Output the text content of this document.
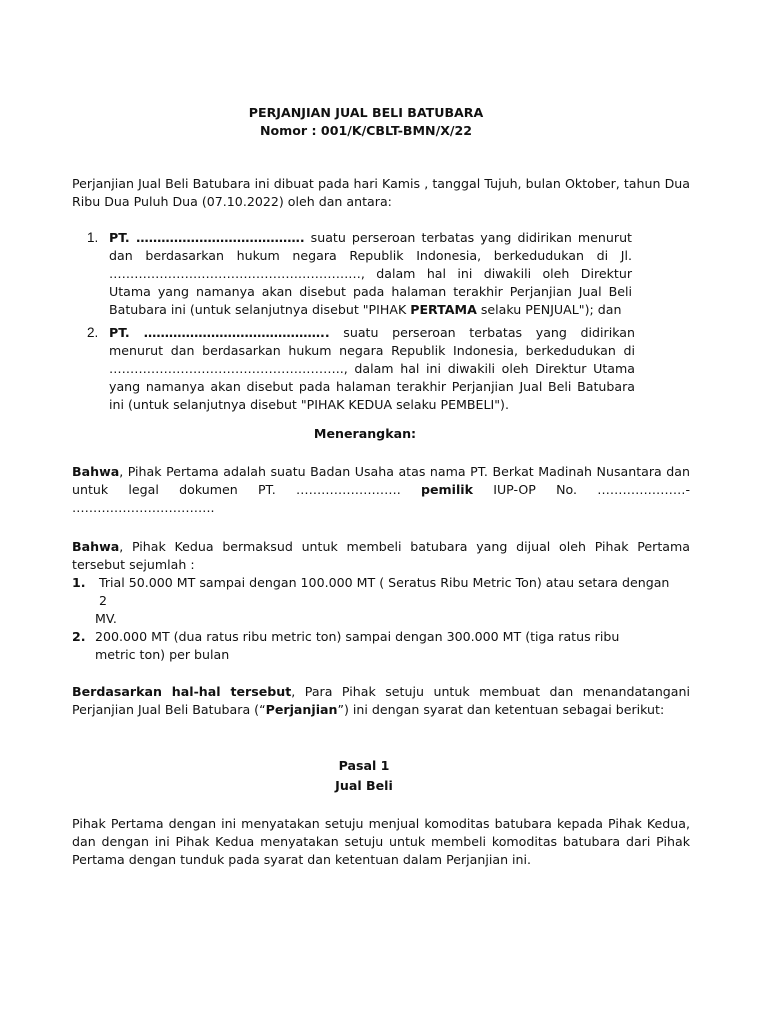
PERJANJIAN JUAL BELI BATUBARA
Nomor : 001/K/CBLT-BMN/X/22

Perjanjian Jual Beli Batubara ini dibuat pada hari Kamis , tanggal Tujuh, bulan Oktober, tahun Dua Ribu Dua Puluh Dua (07.10.2022) oleh dan antara:

1. PT. …………………………………. suatu perseroan terbatas yang didirikan menurut dan berdasarkan hukum negara Republik Indonesia, berkedudukan di Jl. ……………………………………………………, dalam hal ini diwakili oleh Direktur Utama yang namanya akan disebut pada halaman terakhir Perjanjian Jual Beli Batubara ini (untuk selanjutnya disebut "PIHAK PERTAMA selaku PENJUAL"); dan

2. PT. …………………………………….. suatu perseroan terbatas yang didirikan menurut dan berdasarkan hukum negara Republik Indonesia, berkedudukan di ……………………………………………….., dalam hal ini diwakili oleh Direktur Utama yang namanya akan disebut pada halaman terakhir Perjanjian Jual Beli Batubara ini (untuk selanjutnya disebut "PIHAK KEDUA selaku PEMBELI").

Menerangkan:

Bahwa, Pihak Pertama adalah suatu Badan Usaha atas nama PT. Berkat Madinah Nusantara dan untuk legal dokumen PT. ……………………. pemilik IUP-OP No. …………………- …………………………….

Bahwa, Pihak Kedua bermaksud untuk membeli batubara yang dijual oleh Pihak Pertama tersebut sejumlah :

1.	Trial 50.000 MT sampai dengan 100.000 MT ( Seratus Ribu Metric Ton) atau setara dengan 2
MV.
2. 200.000 MT (dua ratus ribu metric ton) sampai dengan 300.000 MT (tiga ratus ribu
metric ton) per bulan

Berdasarkan hal-hal tersebut, Para Pihak setuju untuk membuat dan menandatangani Perjanjian Jual Beli Batubara (“Perjanjian”) ini dengan syarat dan ketentuan sebagai berikut:

Pasal 1
Jual Beli

Pihak Pertama dengan ini menyatakan setuju menjual komoditas batubara kepada Pihak Kedua, dan dengan ini Pihak Kedua menyatakan setuju untuk membeli komoditas batubara dari Pihak Pertama dengan tunduk pada syarat dan ketentuan dalam Perjanjian ini.
